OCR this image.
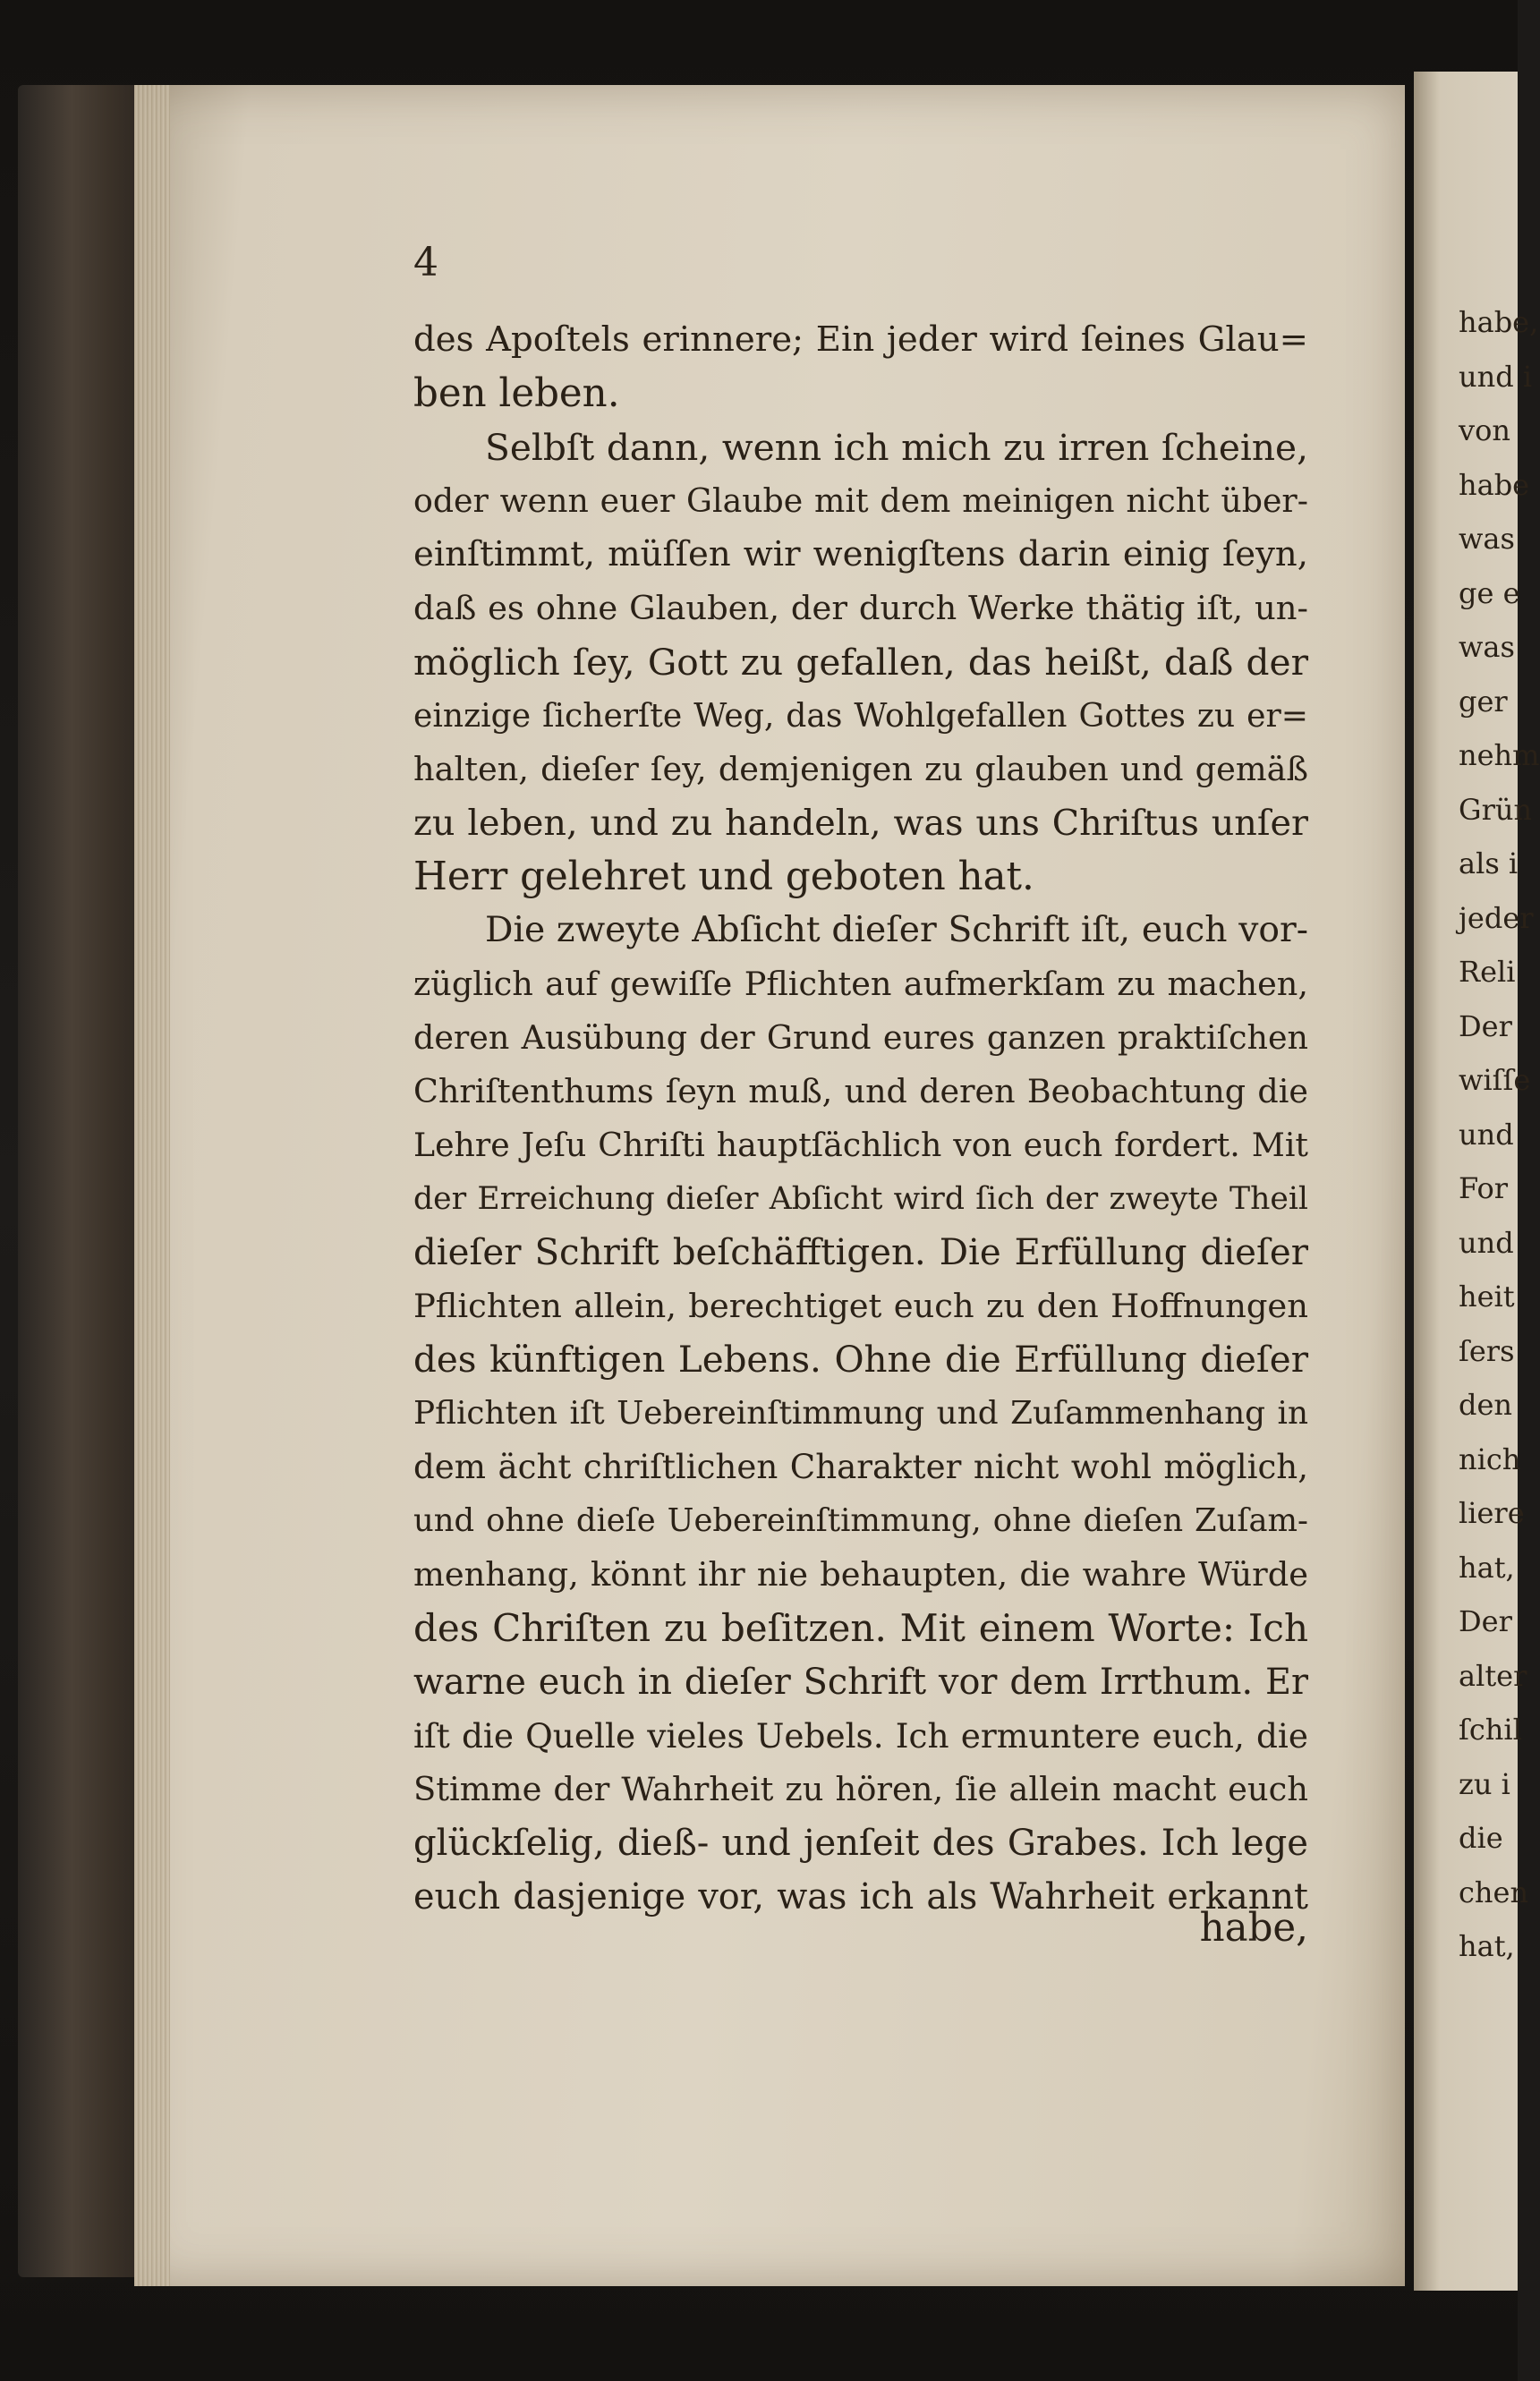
4

des Apoſtels erinnere; Ein jeder wird ſeines Glau=
ben leben.
Selbſt dann, wenn ich mich zu irren ſcheine,
oder wenn euer Glaube mit dem meinigen nicht über-
einſtimmt, müſſen wir wenigſtens darin einig ſeyn,
daß es ohne Glauben, der durch Werke thätig iſt, un-
möglich ſey, Gott zu gefallen, das heißt, daß der
einzige ſicherſte Weg, das Wohlgefallen Gottes zu er=
halten, dieſer ſey, demjenigen zu glauben und gemäß
zu leben, und zu handeln, was uns Chriſtus unſer
Herr gelehret und geboten hat.
Die zweyte Abſicht dieſer Schrift iſt, euch vor-
züglich auf gewiſſe Pflichten aufmerkſam zu machen,
deren Ausübung der Grund eures ganzen praktiſchen
Chriſtenthums ſeyn muß, und deren Beobachtung die
Lehre Jeſu Chriſti hauptſächlich von euch fordert. Mit
der Erreichung dieſer Abſicht wird ſich der zweyte Theil
dieſer Schrift beſchäfftigen. Die Erfüllung dieſer
Pflichten allein, berechtiget euch zu den Hoffnungen
des künftigen Lebens. Ohne die Erfüllung dieſer
Pflichten iſt Uebereinſtimmung und Zuſammenhang in
dem ächt chriſtlichen Charakter nicht wohl möglich,
und ohne dieſe Uebereinſtimmung, ohne dieſen Zuſam-
menhang, könnt ihr nie behaupten, die wahre Würde
des Chriſten zu beſitzen. Mit einem Worte: Ich
warne euch in dieſer Schrift vor dem Irrthum. Er
iſt die Quelle vieles Uebels. Ich ermuntere euch, die
Stimme der Wahrheit zu hören, ſie allein macht euch
glückſelig, dieß- und jenſeit des Grabes. Ich lege
euch dasjenige vor, was ich als Wahrheit erkannt
habe,
habe,
und i
von
habe
was
ge e
was
ger
nehm
Grün
als i
jeder
Reli
Der
wiſſe
und
For
und
heit
ſers
den
nich
liere
hat,
Der
alter
ſchil
zu i
die
chen
hat,
